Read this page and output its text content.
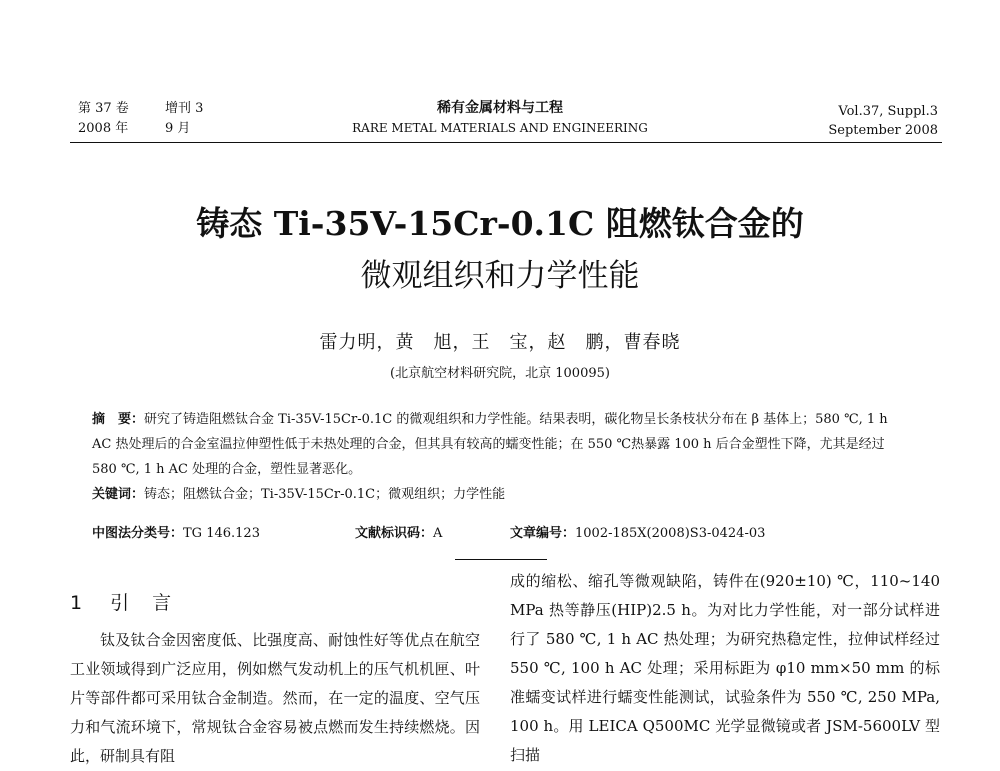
第 37 卷	增刊 3
2008 年	9 月
稀有金属材料与工程
RARE METAL MATERIALS AND ENGINEERING
Vol.37, Suppl.3
September 2008
铸态 Ti-35V-15Cr-0.1C 阻燃钛合金的
微观组织和力学性能
雷力明，黄　旭，王　宝，赵　鹏，曹春晓
(北京航空材料研究院，北京 100095)

摘　要：研究了铸造阻燃钛合金 Ti-35V-15Cr-0.1C 的微观组织和力学性能。结果表明，碳化物呈长条枝状分布在 β 基体上；580 ℃, 1 h AC 热处理后的合金室温拉伸塑性低于未热处理的合金，但其具有较高的蠕变性能；在 550 ℃热暴露 100 h 后合金塑性下降，尤其是经过 580 ℃, 1 h AC 处理的合金，塑性显著恶化。

关键词：铸态；阻燃钛合金；Ti-35V-15Cr-0.1C；微观组织；力学性能

中图法分类号：TG 146.123	文献标识码：A	文章编号：1002-185X(2008)S3-0424-03
1 引　言

钛及钛合金因密度低、比强度高、耐蚀性好等优点在航空工业领域得到广泛应用，例如燃气发动机上的压气机机匣、叶片等部件都可采用钛合金制造。然而，在一定的温度、空气压力和气流环境下，常规钛合金容易被点燃而发生持续燃烧。因此，研制具有阻

成的缩松、缩孔等微观缺陷，铸件在(920±10) ℃，110~140 MPa 热等静压(HIP)2.5 h。为对比力学性能，对一部分试样进行了 580 ℃, 1 h AC 热处理；为研究热稳定性，拉伸试样经过 550 ℃, 100 h AC 处理；采用标距为 φ10 mm×50 mm 的标准蠕变试样进行蠕变性能测试，试验条件为 550 ℃, 250 MPa, 100 h。用 LEICA Q500MC 光学显微镜或者 JSM-5600LV 型扫描
